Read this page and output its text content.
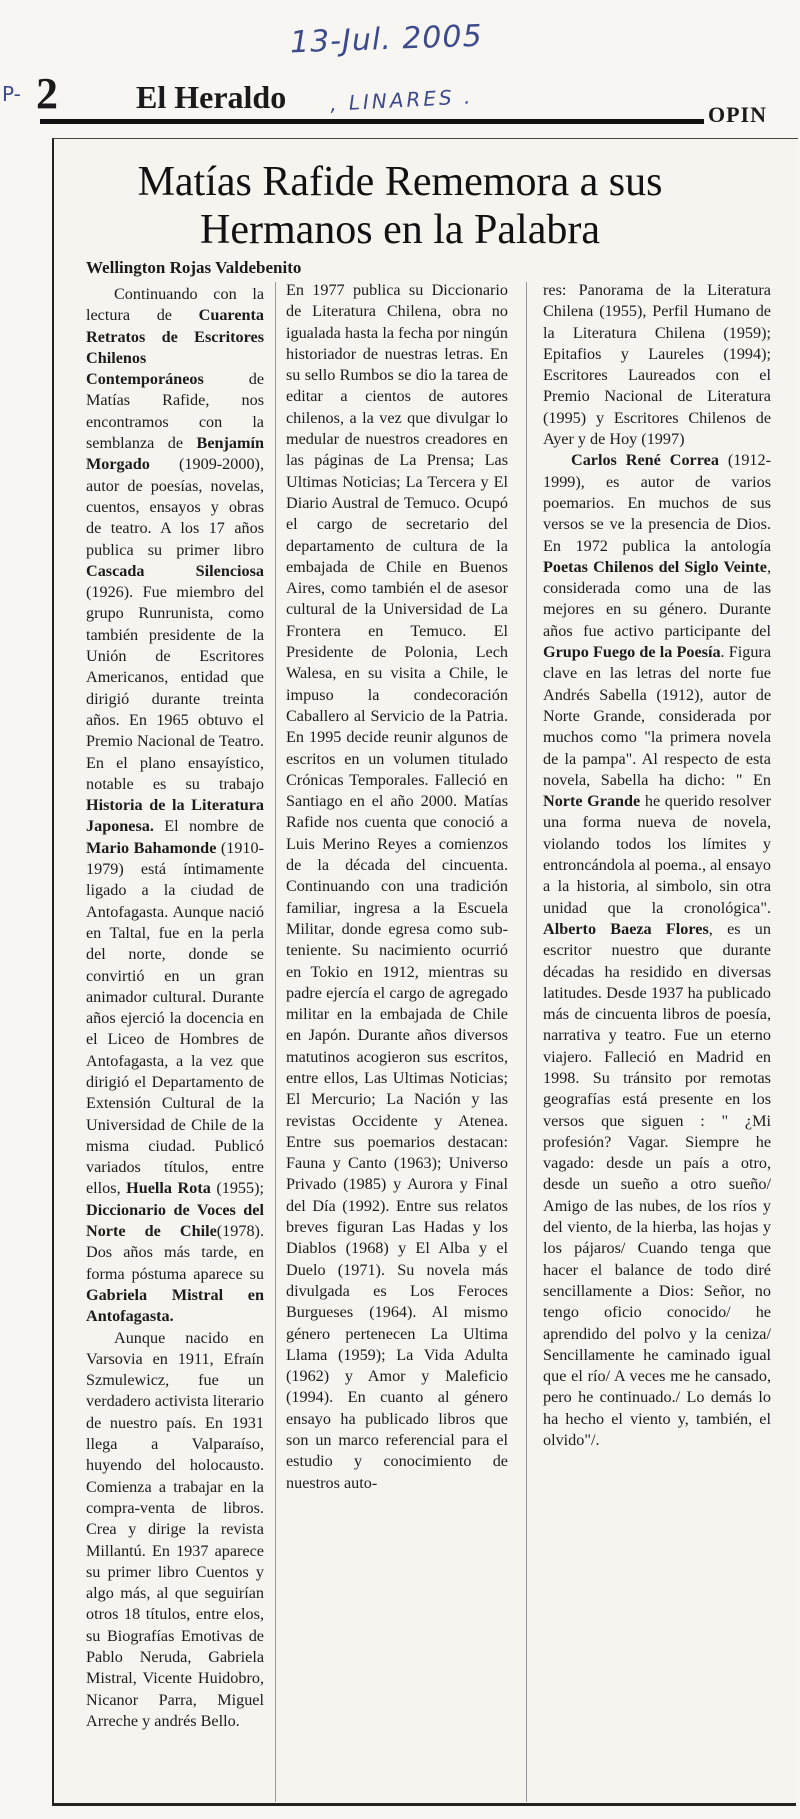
13-Jul. 2005
P- 2 El Heraldo , LINARES .	OPIN
Matías Rafide Rememora a sus
Hermanos en la Palabra
Wellington Rojas Valdebenito

Continuando con la lectura de Cuarenta Retratos de Escritores Chilenos Contemporáneos de Matías Rafide, nos encontramos con la semblanza de Benjamín Morgado (1909-2000), autor de poesías, novelas, cuentos, ensayos y obras de teatro. A los 17 años publica su primer libro Cascada Silenciosa (1926). Fue miembro del grupo Runrunista, como también presidente de la Unión de Escritores Americanos, entidad que dirigió durante treinta años. En 1965 obtuvo el Premio Nacional de Teatro. En el plano ensayístico, notable es su trabajo Historia de la Literatura Japonesa. El nombre de Mario Bahamonde (1910-1979) está íntimamente ligado a la ciudad de Antofagasta. Aunque nació en Taltal, fue en la perla del norte, donde se convirtió en un gran animador cultural. Durante años ejerció la docencia en el Liceo de Hombres de Antofagasta, a la vez que dirigió el Departamento de Extensión Cultural de la Universidad de Chile de la misma ciudad. Publicó variados títulos, entre ellos, Huella Rota (1955); Diccionario de Voces del Norte de Chile(1978). Dos años más tarde, en forma póstuma aparece su Gabriela Mistral en Antofagasta.

Aunque nacido en Varsovia en 1911, Efraín Szmulewicz, fue un verdadero activista literario de nuestro país. En 1931 llega a Valparaíso, huyendo del holocausto. Comienza a trabajar en la compra-venta de libros. Crea y dirige la revista Millantú. En 1937 aparece su primer libro Cuentos y algo más, al que seguirían otros 18 títulos, entre elos, su Biografías Emotivas de Pablo Neruda, Gabriela Mistral, Vicente Huidobro, Nicanor Parra, Miguel Arreche y andrés Bello.

En 1977 publica su Diccionario de Literatura Chilena, obra no igualada hasta la fecha por ningún historiador de nuestras letras. En su sello Rumbos se dio la tarea de editar a cientos de autores chilenos, a la vez que divulgar lo medular de nuestros creadores en las páginas de La Prensa; Las Ultimas Noticias; La Tercera y El Diario Austral de Temuco. Ocupó el cargo de secretario del departamento de cultura de la embajada de Chile en Buenos Aires, como también el de asesor cultural de la Universidad de La Frontera en Temuco. El Presidente de Polonia, Lech Walesa, en su visita a Chile, le impuso la condecoración Caballero al Servicio de la Patria. En 1995 decide reunir algunos de escritos en un volumen titulado Crónicas Temporales. Falleció en Santiago en el año 2000. Matías Rafide nos cuenta que conoció a Luis Merino Reyes a comienzos de la década del cincuenta. Continuando con una tradición familiar, ingresa a la Escuela Militar, donde egresa como sub-teniente. Su nacimiento ocurrió en Tokio en 1912, mientras su padre ejercía el cargo de agregado militar en la embajada de Chile en Japón. Durante años diversos matutinos acogieron sus escritos, entre ellos, Las Ultimas Noticias; El Mercurio; La Nación y las revistas Occidente y Atenea. Entre sus poemarios destacan: Fauna y Canto (1963); Universo Privado (1985) y Aurora y Final del Día (1992). Entre sus relatos breves figuran Las Hadas y los Diablos (1968) y El Alba y el Duelo (1971). Su novela más divulgada es Los Feroces Burgueses (1964). Al mismo género pertenecen La Ultima Llama (1959); La Vida Adulta (1962) y Amor y Maleficio (1994). En cuanto al género ensayo ha publicado libros que son un marco referencial para el estudio y conocimiento de nuestros auto-

res: Panorama de la Literatura Chilena (1955), Perfil Humano de la Literatura Chilena (1959); Epitafios y Laureles (1994); Escritores Laureados con el Premio Nacional de Literatura (1995) y Escritores Chilenos de Ayer y de Hoy (1997)

Carlos René Correa (1912-1999), es autor de varios poemarios. En muchos de sus versos se ve la presencia de Dios. En 1972 publica la antología Poetas Chilenos del Siglo Veinte, considerada como una de las mejores en su género. Durante años fue activo participante del Grupo Fuego de la Poesía. Figura clave en las letras del norte fue Andrés Sabella (1912), autor de Norte Grande, considerada por muchos como "la primera novela de la pampa". Al respecto de esta novela, Sabella ha dicho: " En Norte Grande he querido resolver una forma nueva de novela, violando todos los límites y entroncándola al poema., al ensayo a la historia, al simbolo, sin otra unidad que la cronológica". Alberto Baeza Flores, es un escritor nuestro que durante décadas ha residido en diversas latitudes. Desde 1937 ha publicado más de cincuenta libros de poesía, narrativa y teatro. Fue un eterno viajero. Falleció en Madrid en 1998. Su tránsito por remotas geografías está presente en los versos que siguen : " ¿Mi profesión? Vagar. Siempre he vagado: desde un país a otro, desde un sueño a otro sueño/ Amigo de las nubes, de los ríos y del viento, de la hierba, las hojas y los pájaros/ Cuando tenga que hacer el balance de todo diré sencillamente a Dios: Señor, no tengo oficio conocido/ he aprendido del polvo y la ceniza/ Sencillamente he caminado igual que el río/ A veces me he cansado, pero he continuado./ Lo demás lo ha hecho el viento y, también, el olvido"/.
